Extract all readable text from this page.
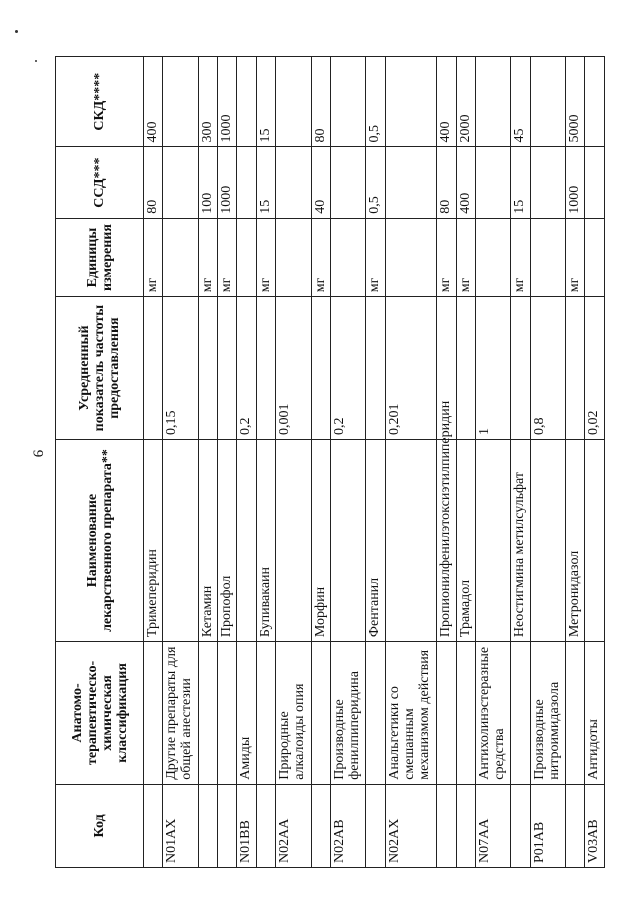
9
Код	Анатомо-терапевтическо-химическая классификация	Наименование лекарственного препарата**	Усредненный показатель частоты предоставления	Единицы измерения	ССД***	СКД****
		Тримеперидин		мг	80	400
N01AX	Другие препараты для общей анестезии		0,15			
		Кетамин		мг	100	300
		Пропофол		мг	1000	1000
N01BB	Амиды		0,2			
		Бупивакаин		мг	15	15
N02AA	Природные алкалоиды опия		0,001			
		Морфин		мг	40	80
N02AB	Производные фенилпиперидина		0,2			
		Фентанил		мг	0,5	0,5
N02AX	Анальгетики со смешанным механизмом действия		0,201			
		Пропионилфенилэтоксиэтилпиперидин		мг	80	400
		Трамадол		мг	400	2000
N07AA	Антихолинэстеразные средства		1			
		Неостигмина метилсульфат		мг	15	45
P01AB	Производные нитроимидазола		0,8			
		Метронидазол		мг	1000	5000
V03AB	Антидоты		0,02			
